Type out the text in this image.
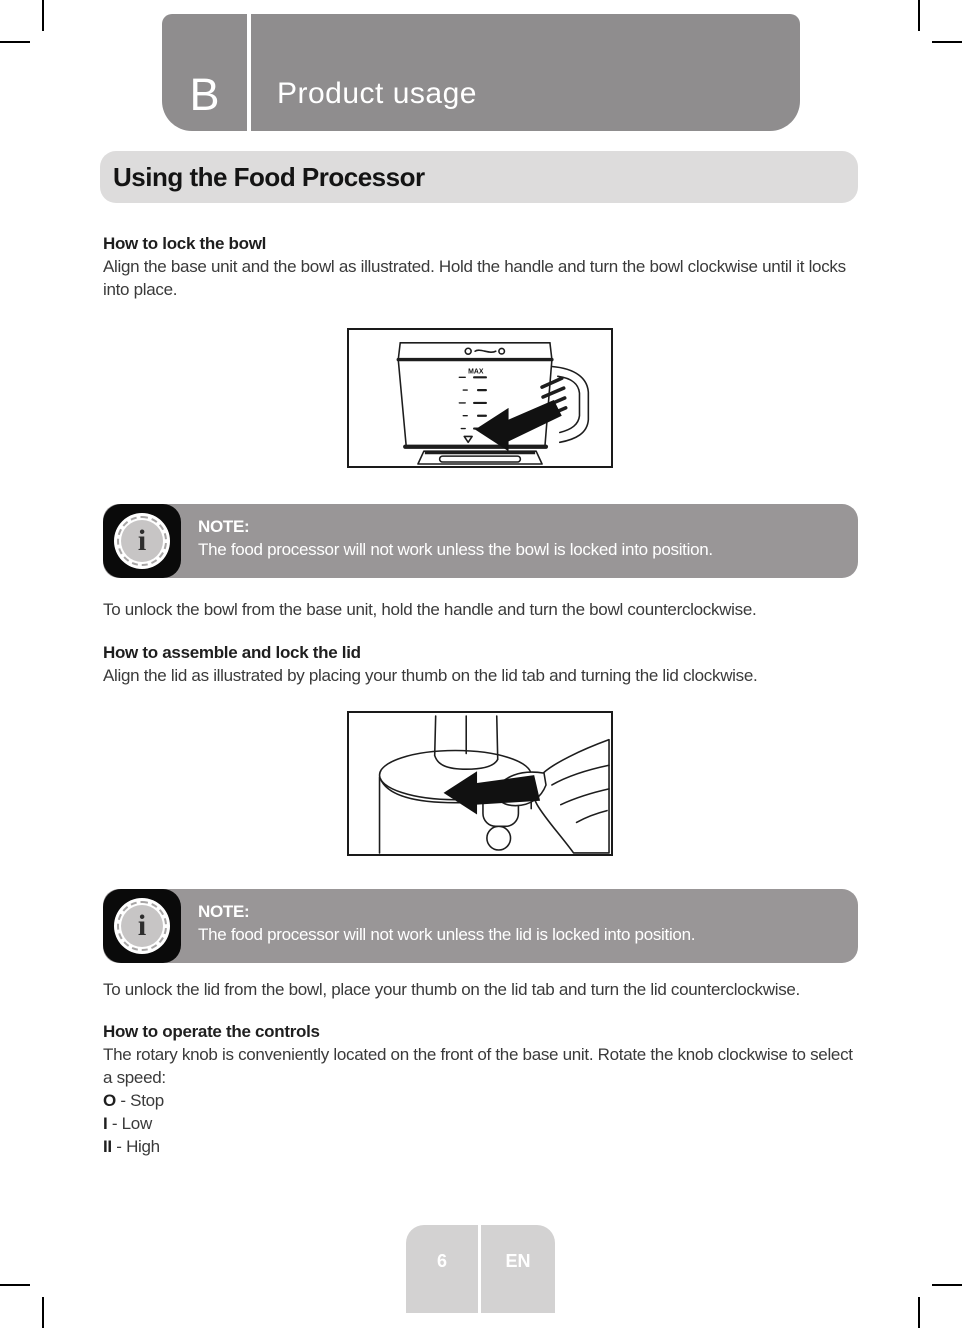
B	Product usage
Using the Food Processor
How to lock the bowl
Align the base unit and the bowl as illustrated. Hold the handle and turn the bowl clockwise until it locks into place.
MAX
i	NOTE:
The food processor will not work unless the bowl is locked into position.
To unlock the bowl from the base unit, hold the handle and turn the bowl counterclockwise.
How to assemble and lock the lid
Align the lid as illustrated by placing your thumb on the lid tab and turning the lid clockwise.
i	NOTE:
The food processor will not work unless the lid is locked into position.
To unlock the lid from the bowl, place your thumb on the lid tab and turn the lid counterclockwise.
How to operate the controls
The rotary knob is conveniently located on the front of the base unit. Rotate the knob clockwise to select a speed:
O - Stop
I - Low
II - High
6	EN
